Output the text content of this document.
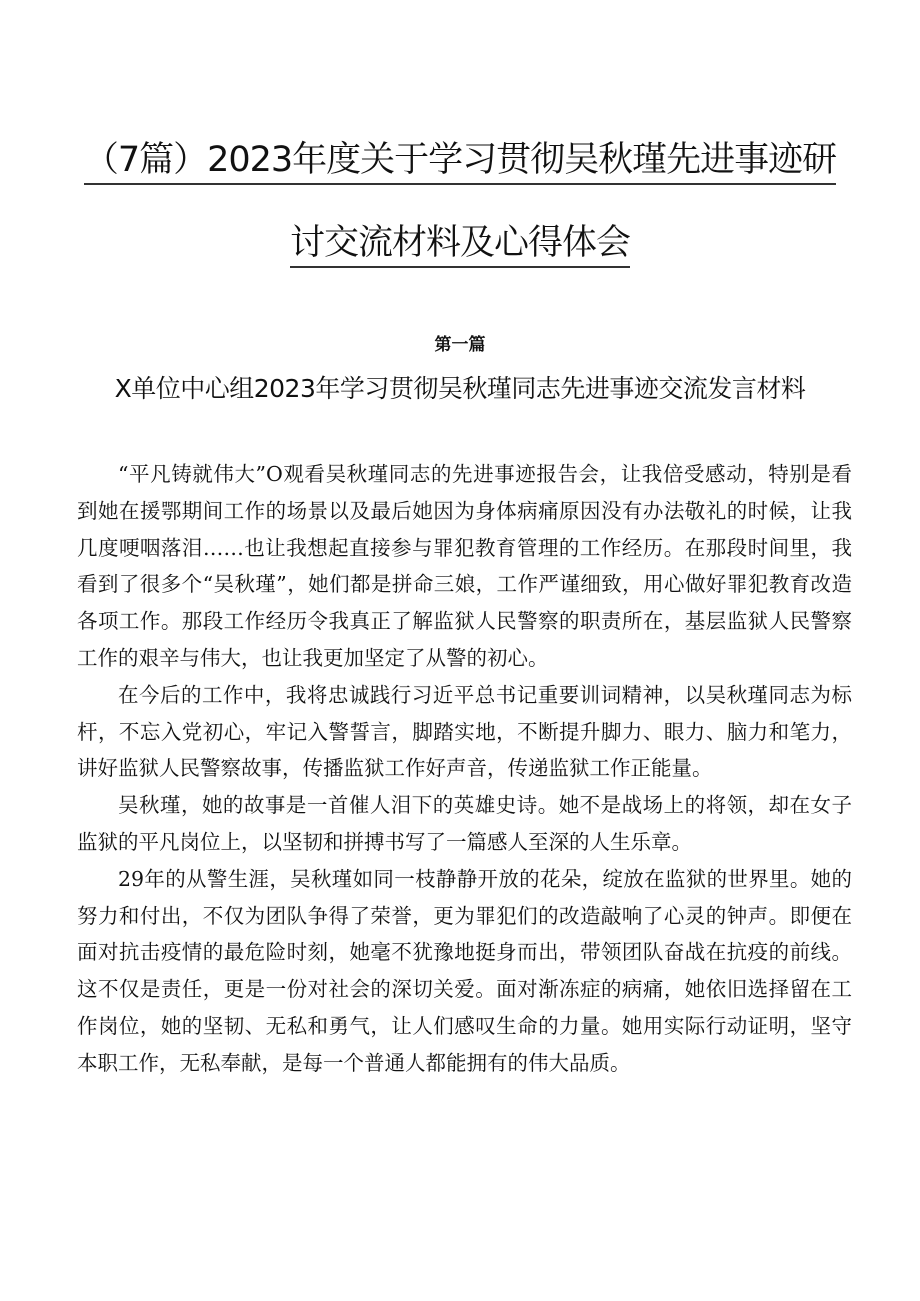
（7篇）2023年度关于学习贯彻吴秋瑾先进事迹研
讨交流材料及心得体会
第一篇
X单位中心组2023年学习贯彻吴秋瑾同志先进事迹交流发言材料

“平凡铸就伟大”O观看吴秋瑾同志的先进事迹报告会，让我倍受感动，特别是看到她在援鄂期间工作的场景以及最后她因为身体病痛原因没有办法敬礼的时候，让我几度哽咽落泪……也让我想起直接参与罪犯教育管理的工作经历。在那段时间里，我看到了很多个“吴秋瑾”，她们都是拼命三娘，工作严谨细致，用心做好罪犯教育改造各项工作。那段工作经历令我真正了解监狱人民警察的职责所在，基层监狱人民警察工作的艰辛与伟大，也让我更加坚定了从警的初心。

在今后的工作中，我将忠诚践行习近平总书记重要训词精神，以吴秋瑾同志为标杆，不忘入党初心，牢记入警誓言，脚踏实地，不断提升脚力、眼力、脑力和笔力，讲好监狱人民警察故事，传播监狱工作好声音，传递监狱工作正能量。

吴秋瑾，她的故事是一首催人泪下的英雄史诗。她不是战场上的将领，却在女子监狱的平凡岗位上，以坚韧和拼搏书写了一篇感人至深的人生乐章。

29年的从警生涯，吴秋瑾如同一枝静静开放的花朵，绽放在监狱的世界里。她的努力和付出，不仅为团队争得了荣誉，更为罪犯们的改造敲响了心灵的钟声。即便在面对抗击疫情的最危险时刻，她毫不犹豫地挺身而出，带领团队奋战在抗疫的前线。这不仅是责任，更是一份对社会的深切关爱。面对渐冻症的病痛，她依旧选择留在工作岗位，她的坚韧、无私和勇气，让人们感叹生命的力量。她用实际行动证明，坚守本职工作，无私奉献，是每一个普通人都能拥有的伟大品质。
